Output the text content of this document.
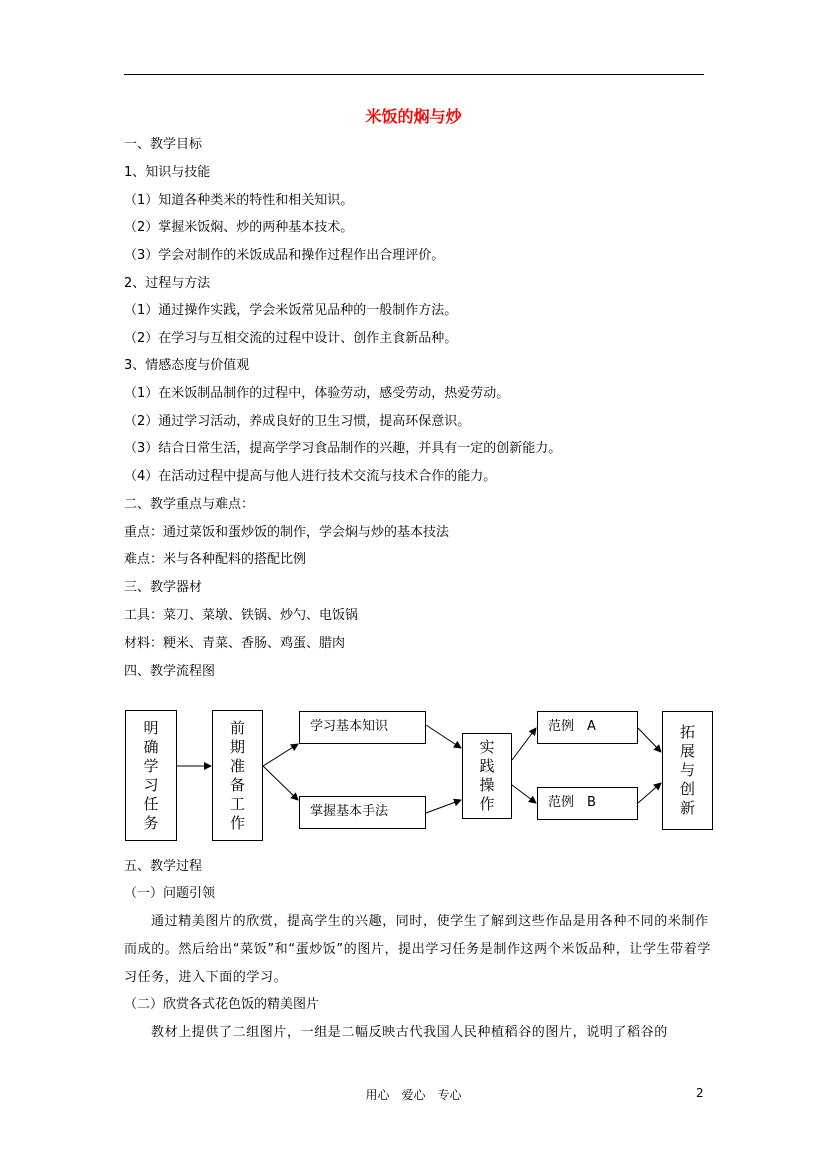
米饭的焖与炒
一、教学目标
1、知识与技能
（1）知道各种类米的特性和相关知识。
（2）掌握米饭焖、炒的两种基本技术。
（3）学会对制作的米饭成品和操作过程作出合理评价。
2、过程与方法
（1）通过操作实践，学会米饭常见品种的一般制作方法。
（2）在学习与互相交流的过程中设计、创作主食新品种。
3、情感态度与价值观
（1）在米饭制品制作的过程中，体验劳动，感受劳动，热爱劳动。
（2）通过学习活动，养成良好的卫生习惯，提高环保意识。
（3）结合日常生活，提高学学习食品制作的兴趣，并具有一定的创新能力。
（4）在活动过程中提高与他人进行技术交流与技术合作的能力。
二、教学重点与难点：
重点：通过菜饭和蛋炒饭的制作，学会焖与炒的基本技法
难点：米与各种配料的搭配比例
三、教学器材
工具：菜刀、菜墩、铁锅、炒勺、电饭锅
材料：粳米、青菜、香肠、鸡蛋、腊肉
四、教学流程图
明确学习任务
前期准备工作
学习基本知识
掌握基本手法
实践操作
范例　A
范例　B
拓展与创新
五、教学过程
（一）问题引领

通过精美图片的欣赏，提高学生的兴趣，同时，使学生了解到这些作品是用各种不同的米制作而成的。然后给出“菜饭”和“蛋炒饭”的图片，提出学习任务是制作这两个米饭品种，让学生带着学习任务，进入下面的学习。

（二）欣赏各式花色饭的精美图片

教材上提供了二组图片，一组是二幅反映古代我国人民种植稻谷的图片，说明了稻谷的

用心　爱心　专心	2
